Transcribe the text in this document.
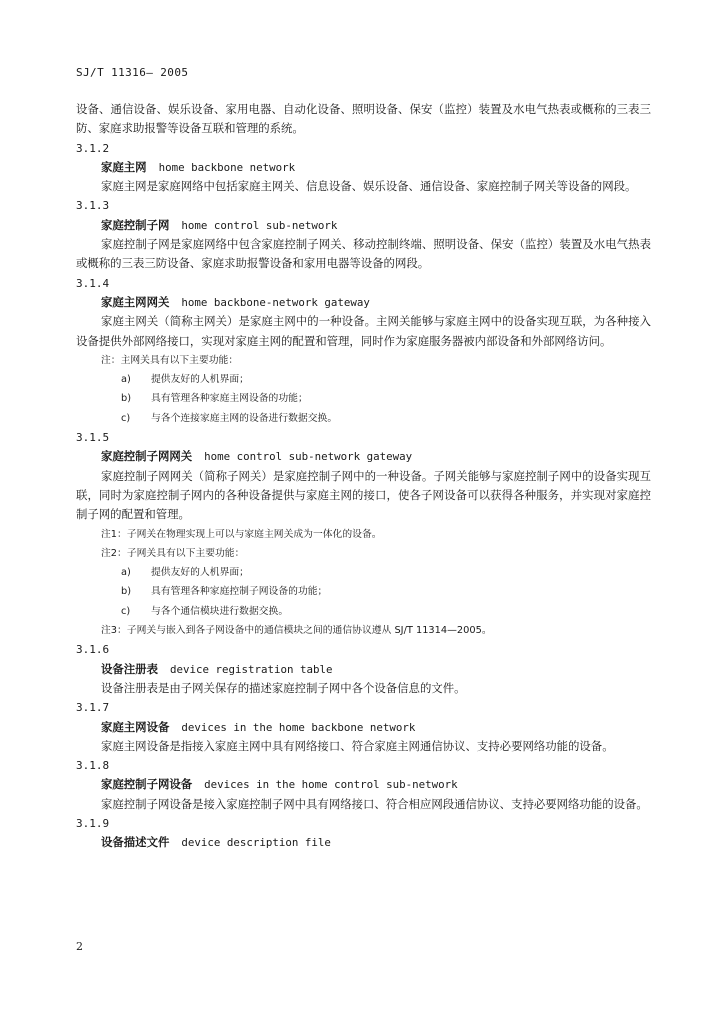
SJ/T 11316— 2005

设备、通信设备、娱乐设备、家用电器、自动化设备、照明设备、保安（监控）装置及水电气热表或概称的三表三防、家庭求助报警等设备互联和管理的系统。

3.1.2

家庭主网 home backbone network

家庭主网是家庭网络中包括家庭主网关、信息设备、娱乐设备、通信设备、家庭控制子网关等设备的网段。

3.1.3

家庭控制子网 home control sub-network

家庭控制子网是家庭网络中包含家庭控制子网关、移动控制终端、照明设备、保安（监控）装置及水电气热表或概称的三表三防设备、家庭求助报警设备和家用电器等设备的网段。

3.1.4

家庭主网网关 home backbone-network gateway

家庭主网关（简称主网关）是家庭主网中的一种设备。主网关能够与家庭主网中的设备实现互联，为各种接入设备提供外部网络接口，实现对家庭主网的配置和管理，同时作为家庭服务器被内部设备和外部网络访问。

注：主网关具有以下主要功能：

a) 提供友好的人机界面；

b) 具有管理各种家庭主网设备的功能；

c) 与各个连接家庭主网的设备进行数据交换。

3.1.5

家庭控制子网网关 home control sub-network gateway

家庭控制子网网关（简称子网关）是家庭控制子网中的一种设备。子网关能够与家庭控制子网中的设备实现互联，同时为家庭控制子网内的各种设备提供与家庭主网的接口，使各子网设备可以获得各种服务，并实现对家庭控制子网的配置和管理。

注1：子网关在物理实现上可以与家庭主网关成为一体化的设备。

注2：子网关具有以下主要功能：

a) 提供友好的人机界面；

b) 具有管理各种家庭控制子网设备的功能；

c) 与各个通信模块进行数据交换。

注3：子网关与嵌入到各子网设备中的通信模块之间的通信协议遵从 SJ/T 11314—2005。

3.1.6

设备注册表 device registration table

设备注册表是由子网关保存的描述家庭控制子网中各个设备信息的文件。

3.1.7

家庭主网设备 devices in the home backbone network

家庭主网设备是指接入家庭主网中具有网络接口、符合家庭主网通信协议、支持必要网络功能的设备。

3.1.8

家庭控制子网设备 devices in the home control sub-network

家庭控制子网设备是接入家庭控制子网中具有网络接口、符合相应网段通信协议、支持必要网络功能的设备。

3.1.9

设备描述文件 device description file

2
